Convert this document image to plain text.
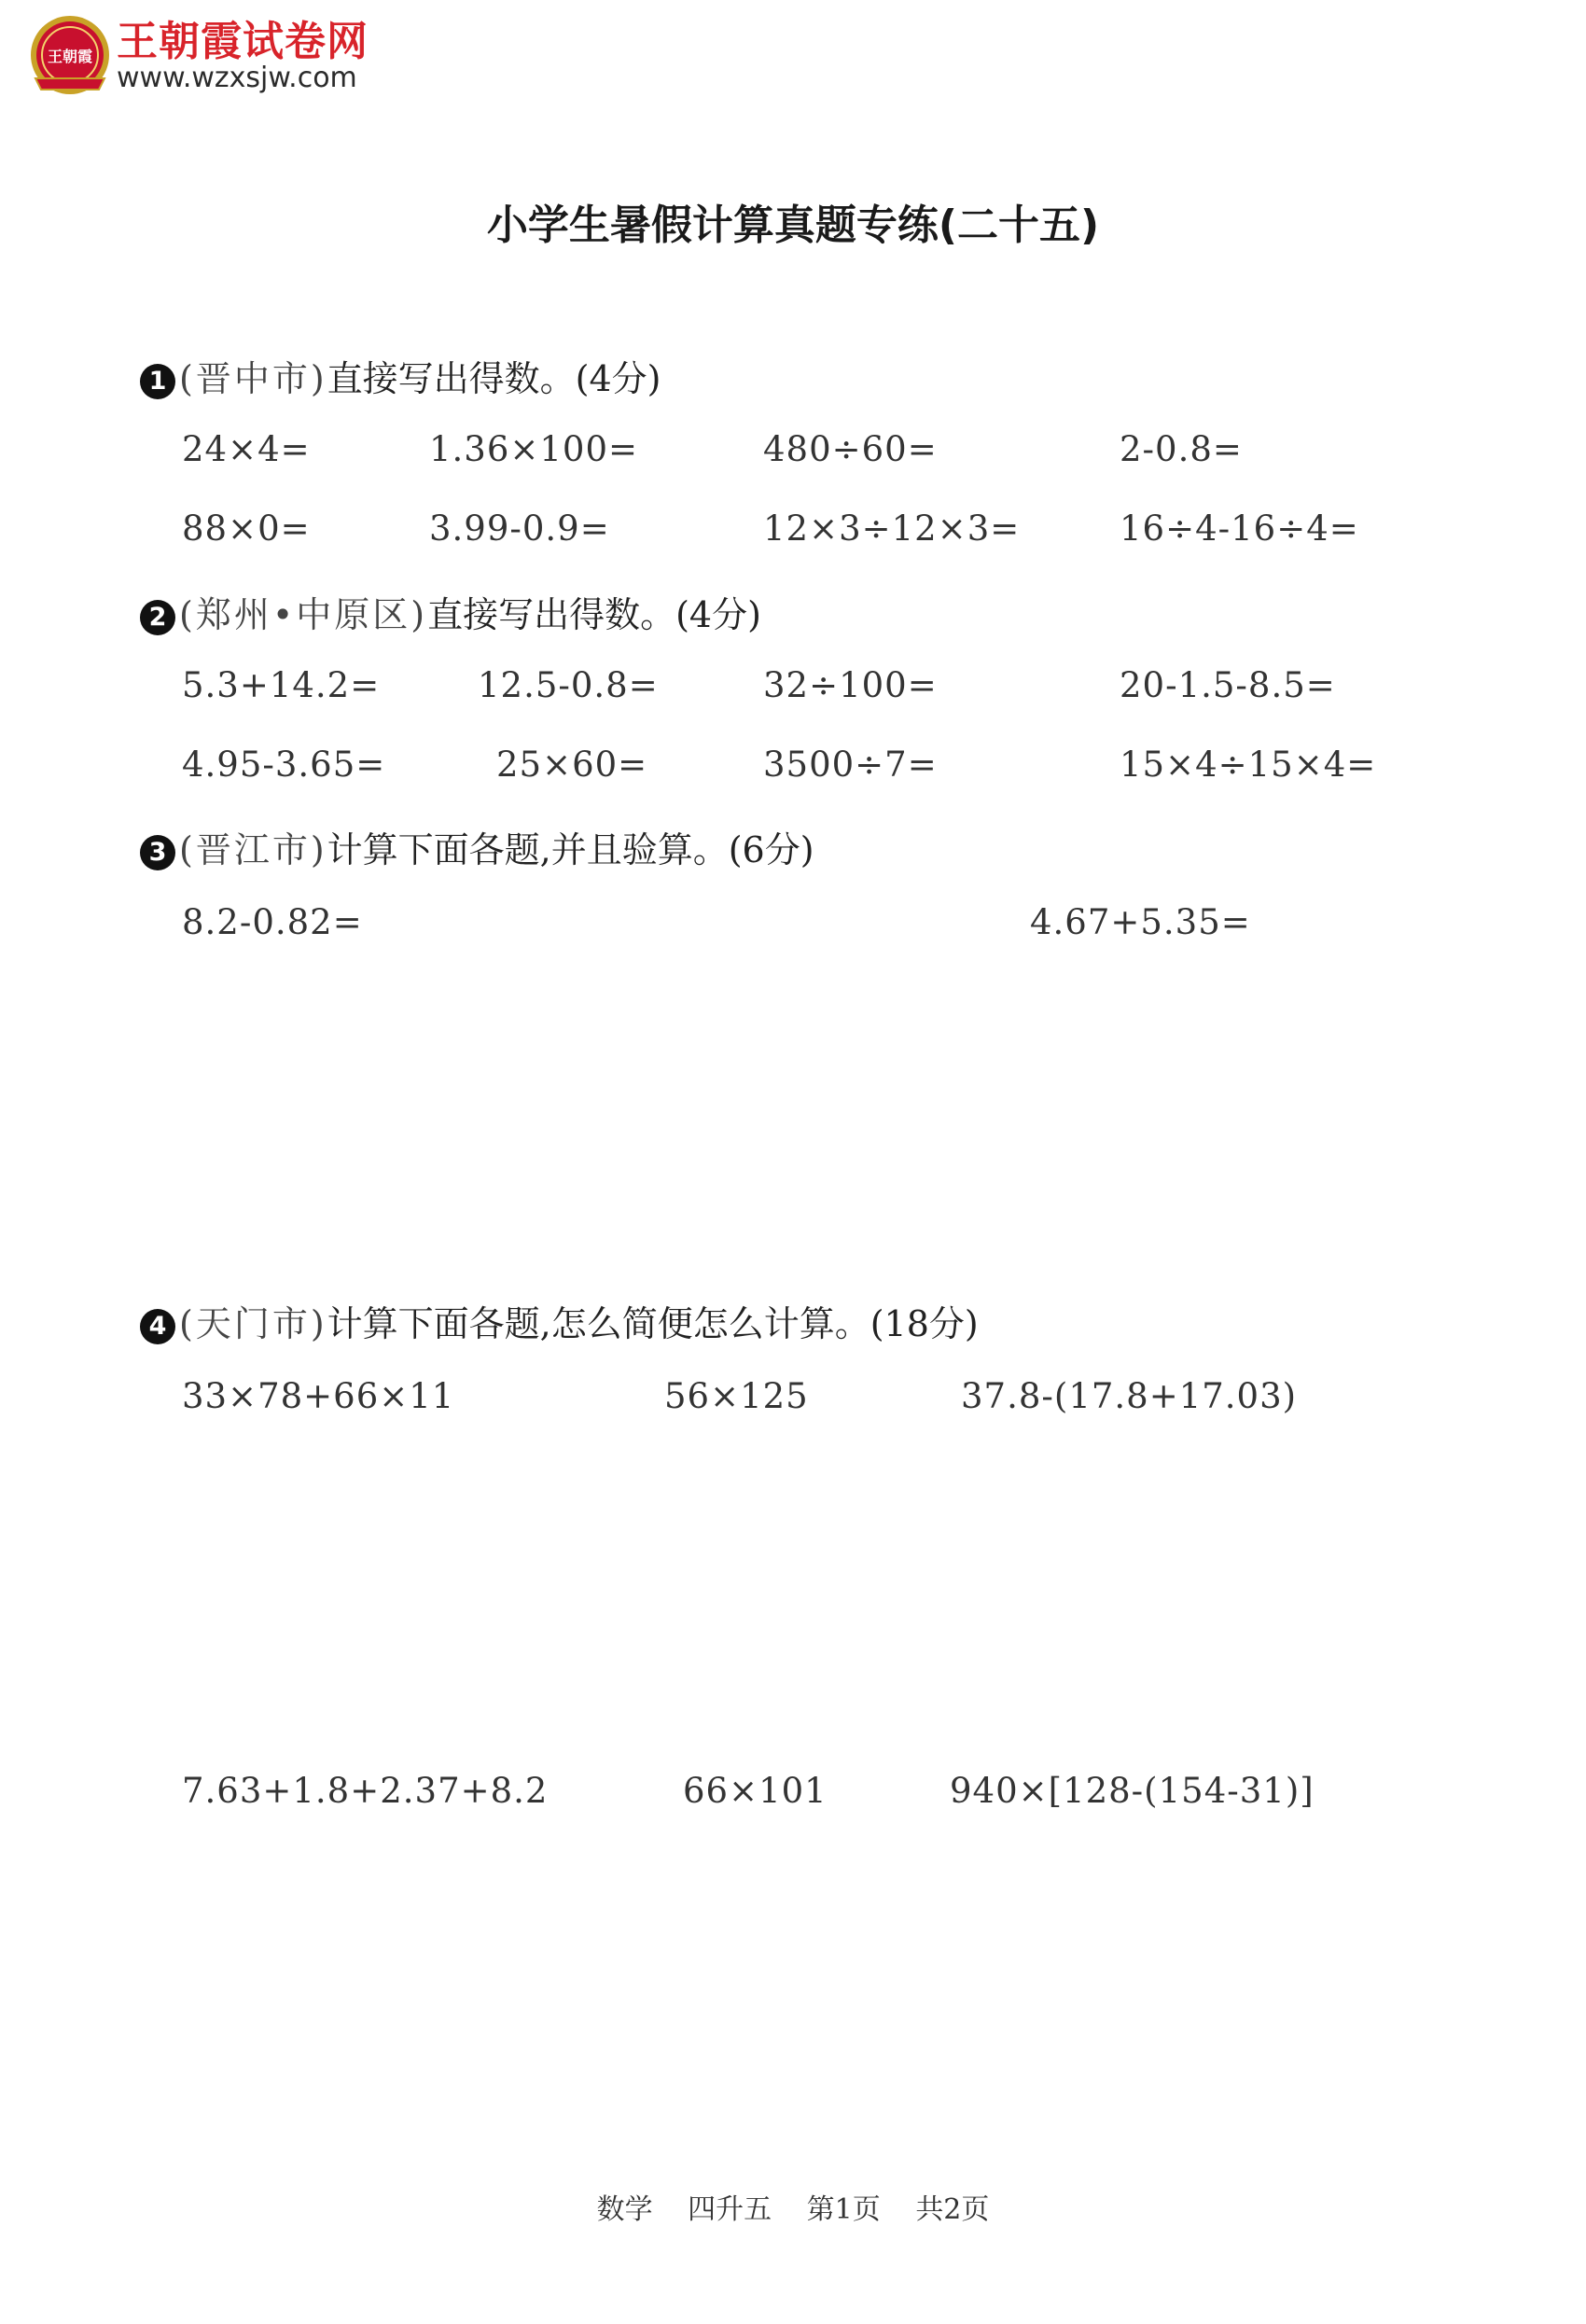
王朝霞 王朝霞试卷网
www.wzxsjw.com
小学生暑假计算真题专练(二十五)
1 (晋中市)直接写出得数。(4分)
24×4=	1.36×100=	480÷60=	2-0.8=
88×0=	3.99-0.9=	12×3÷12×3=	16÷4-16÷4=
2 (郑州•中原区)直接写出得数。(4分)
5.3+14.2=	12.5-0.8=	32÷100=	20-1.5-8.5=
4.95-3.65=	25×60=	3500÷7=	15×4÷15×4=
3 (晋江市)计算下面各题,并且验算。(6分)
8.2-0.82=	4.67+5.35=
4 (天门市)计算下面各题,怎么简便怎么计算。(18分)
33×78+66×11	56×125	37.8-(17.8+17.03)
7.63+1.8+2.37+8.2	66×101	940×[128-(154-31)]
数学 四升五 第1页 共2页
